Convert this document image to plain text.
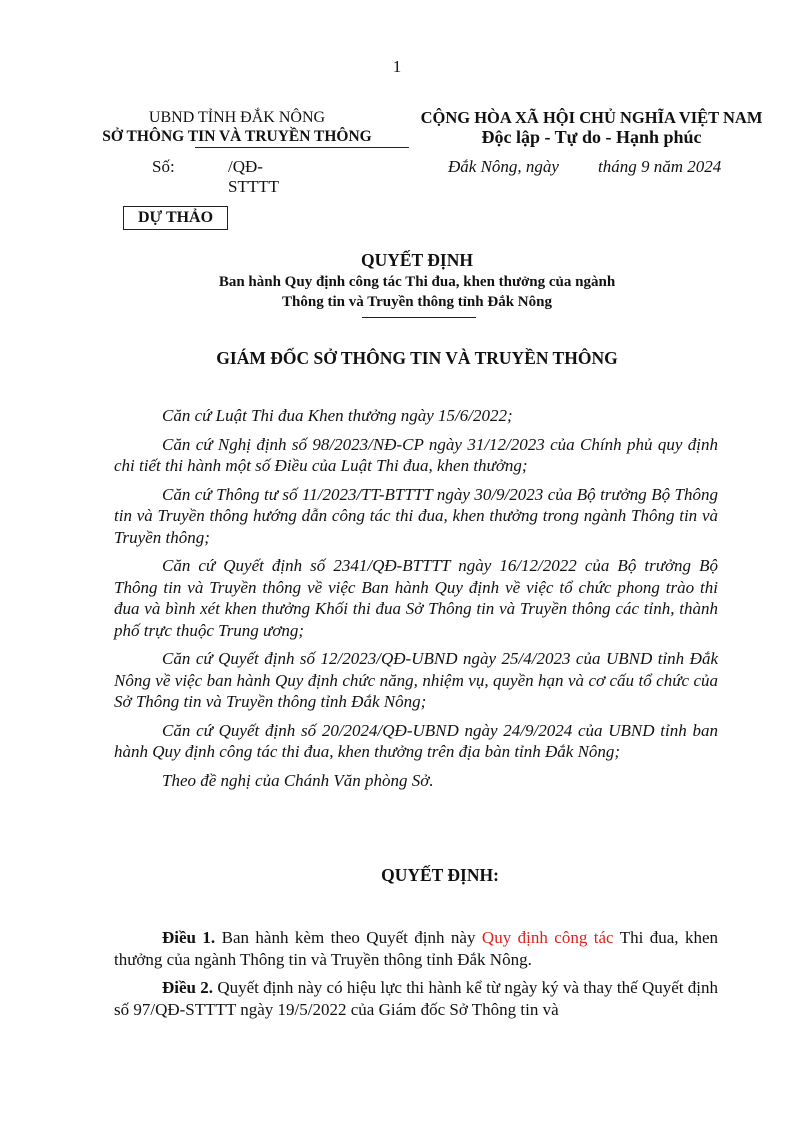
1
UBND TỈNH ĐẮK NÔNG
SỞ THÔNG TIN VÀ TRUYỀN THÔNG
CỘNG HÒA XÃ HỘI CHỦ NGHĨA VIỆT NAM
Độc lập - Tự do - Hạnh phúc
Số:	/QĐ-STTTT
Đắk Nông, ngày tháng 9 năm 2024
DỰ THẢO
QUYẾT ĐỊNH
Ban hành Quy định công tác Thi đua, khen thưởng của ngành
Thông tin và Truyền thông tỉnh Đắk Nông
GIÁM ĐỐC SỞ THÔNG TIN VÀ TRUYỀN THÔNG

Căn cứ Luật Thi đua Khen thưởng ngày 15/6/2022;

Căn cứ Nghị định số 98/2023/NĐ-CP ngày 31/12/2023 của Chính phủ quy định chi tiết thi hành một số Điều của Luật Thi đua, khen thưởng;

Căn cứ Thông tư số 11/2023/TT-BTTTT ngày 30/9/2023 của Bộ trưởng Bộ Thông tin và Truyền thông hướng dẫn công tác thi đua, khen thưởng trong ngành Thông tin và Truyền thông;

Căn cứ Quyết định số 2341/QĐ-BTTTT ngày 16/12/2022 của Bộ trưởng Bộ Thông tin và Truyền thông về việc Ban hành Quy định về việc tổ chức phong trào thi đua và bình xét khen thưởng Khối thi đua Sở Thông tin và Truyền thông các tỉnh, thành phố trực thuộc Trung ương;

Căn cứ Quyết định số 12/2023/QĐ-UBND ngày 25/4/2023 của UBND tỉnh Đắk Nông về việc ban hành Quy định chức năng, nhiệm vụ, quyền hạn và cơ cấu tổ chức của Sở Thông tin và Truyền thông tỉnh Đắk Nông;

Căn cứ Quyết định số 20/2024/QĐ-UBND ngày 24/9/2024 của UBND tỉnh ban hành Quy định công tác thi đua, khen thưởng trên địa bàn tỉnh Đắk Nông;

Theo đề nghị của Chánh Văn phòng Sở.

QUYẾT ĐỊNH:

Điều 1. Ban hành kèm theo Quyết định này Quy định công tác Thi đua, khen thưởng của ngành Thông tin và Truyền thông tỉnh Đắk Nông.

Điều 2. Quyết định này có hiệu lực thi hành kể từ ngày ký và thay thế Quyết định số 97/QĐ-STTTT ngày 19/5/2022 của Giám đốc Sở Thông tin và
